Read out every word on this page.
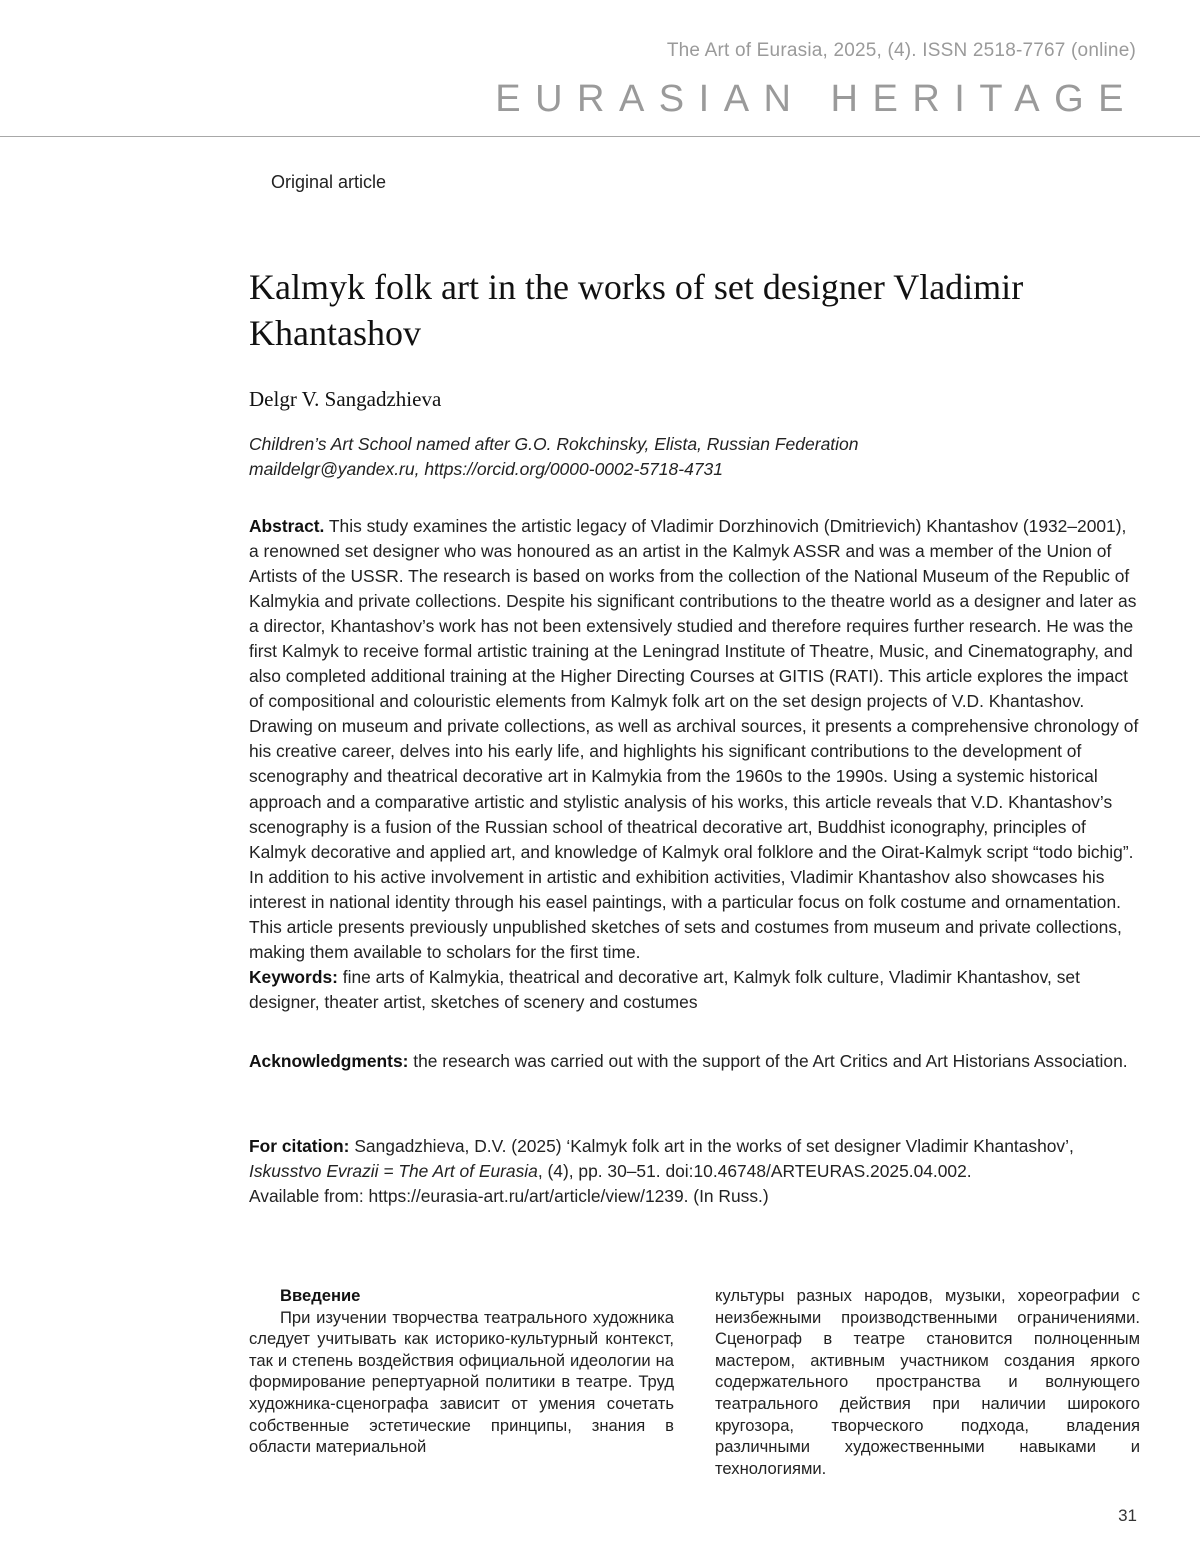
The Art of Eurasia, 2025, (4). ISSN 2518-7767 (online)
EURASIAN HERITAGE
Original article
Kalmyk folk art in the works of set designer Vladimir Khantashov
Delgr V. Sangadzhieva
Children’s Art School named after G.O. Rokchinsky, Elista, Russian Federation
maildelgr@yandex.ru, https://orcid.org/0000-0002-5718-4731

Abstract. This study examines the artistic legacy of Vladimir Dorzhinovich (Dmitrievich) Khantashov (1932–2001), a renowned set designer who was honoured as an artist in the Kalmyk ASSR and was a member of the Union of Artists of the USSR. The research is based on works from the collection of the National Museum of the Republic of Kalmykia and private collections. Despite his significant contributions to the theatre world as a designer and later as a director, Khantashov’s work has not been extensively studied and therefore requires further research. He was the first Kalmyk to receive formal artistic training at the Leningrad Institute of Theatre, Music, and Cinematography, and also completed additional training at the Higher Directing Courses at GITIS (RATI). This article explores the impact of compositional and colouristic elements from Kalmyk folk art on the set design projects of V.D. Khantashov. Drawing on museum and private collections, as well as archival sources, it presents a comprehensive chronology of his creative career, delves into his early life, and highlights his significant contributions to the development of scenography and theatrical decorative art in Kalmykia from the 1960s to the 1990s. Using a systemic historical approach and a comparative artistic and stylistic analysis of his works, this article reveals that V.D. Khantashov’s scenography is a fusion of the Russian school of theatrical decorative art, Buddhist iconography, principles of Kalmyk decorative and applied art, and knowledge of Kalmyk oral folklore and the Oirat-Kalmyk script “todo bichig”. In addition to his active involvement in artistic and exhibition activities, Vladimir Khantashov also showcases his interest in national identity through his easel paintings, with a particular focus on folk costume and ornamentation. This article presents previously unpublished sketches of sets and costumes from museum and private collections, making them available to scholars for the first time.
Keywords: fine arts of Kalmykia, theatrical and decorative art, Kalmyk folk culture, Vladimir Khantashov, set designer, theater artist, sketches of scenery and costumes

Acknowledgments: the research was carried out with the support of the Art Critics and Art Historians Association.

For citation: Sangadzhieva, D.V. (2025) ‘Kalmyk folk art in the works of set designer Vladimir Khantashov’,
Iskusstvo Evrazii = The Art of Eurasia, (4), pp. 30–51. doi:10.46748/ARTEURAS.2025.04.002.
Available from: https://eurasia-art.ru/art/article/view/1239. (In Russ.)

Введение

При изучении творчества театрального художника следует учитывать как историко-культурный контекст, так и степень воздействия официальной идеологии на формирование репертуарной политики в театре. Труд художника-сценографа зависит от умения сочетать собственные эстетические принципы, знания в области материальной

культуры разных народов, музыки, хореографии с неизбежными производственными ограничениями. Сценограф в театре становится полноценным мастером, активным участником создания яркого содержательного пространства и волнующего театрального действия при наличии широкого кругозора, творческого подхода, владения различными художественными навыками и технологиями.

31
